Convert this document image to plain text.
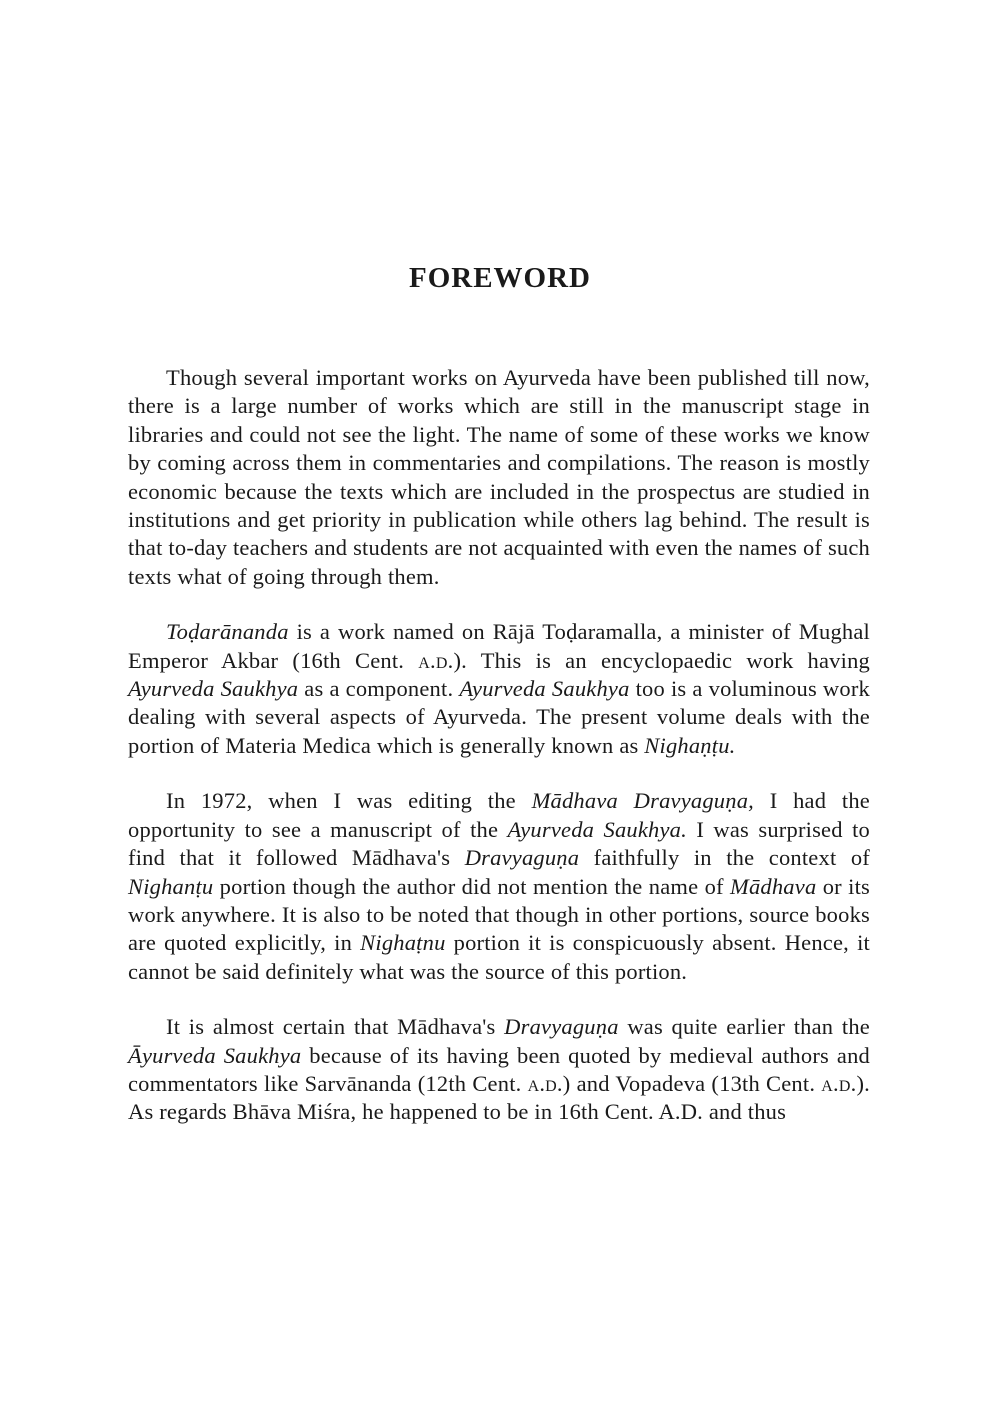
FOREWORD

Though several important works on Ayurveda have been published till now, there is a large number of works which are still in the manuscript stage in libraries and could not see the light. The name of some of these works we know by coming across them in commentaries and compilations. The reason is mostly economic because the texts which are included in the prospectus are studied in institutions and get priority in publication while others lag behind. The result is that to-day teachers and students are not acquainted with even the names of such texts what of going through them.

Toḍarānanda is a work named on Rājā Toḍaramalla, a minister of Mughal Emperor Akbar (16th Cent. a.d.). This is an encyclopaedic work having Ayurveda Saukhya as a component. Ayurveda Saukhya too is a voluminous work dealing with several aspects of Ayurveda. The present volume deals with the portion of Materia Medica which is generally known as Nighaṇṭu.

In 1972, when I was editing the Mādhava Dravyaguṇa, I had the opportunity to see a manuscript of the Ayurveda Saukhya. I was surprised to find that it followed Mādhava's Dravyaguṇa faithfully in the context of Nighanṭu portion though the author did not mention the name of Mādhava or its work anywhere. It is also to be noted that though in other portions, source books are quoted explicitly, in Nighaṭnu portion it is conspicuously absent. Hence, it cannot be said definitely what was the source of this portion.

It is almost certain that Mādhava's Dravyaguṇa was quite earlier than the Āyurveda Saukhya because of its having been quoted by medieval authors and commentators like Sarvānanda (12th Cent. a.d.) and Vopadeva (13th Cent. a.d.). As regards Bhāva Miśra, he happened to be in 16th Cent. A.D. and thus
